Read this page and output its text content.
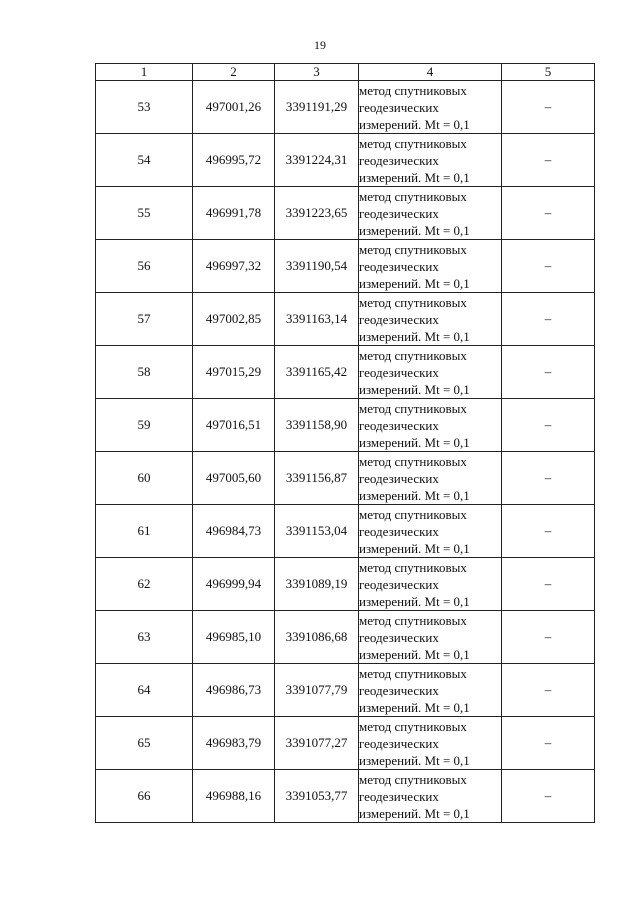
19
1	2	3	4	5
53	497001,26	3391191,29	метод спутниковых
геодезических
измерений. Mt = 0,1	–
54	496995,72	3391224,31	метод спутниковых
геодезических
измерений. Mt = 0,1	–
55	496991,78	3391223,65	метод спутниковых
геодезических
измерений. Mt = 0,1	–
56	496997,32	3391190,54	метод спутниковых
геодезических
измерений. Mt = 0,1	–
57	497002,85	3391163,14	метод спутниковых
геодезических
измерений. Mt = 0,1	–
58	497015,29	3391165,42	метод спутниковых
геодезических
измерений. Mt = 0,1	–
59	497016,51	3391158,90	метод спутниковых
геодезических
измерений. Mt = 0,1	–
60	497005,60	3391156,87	метод спутниковых
геодезических
измерений. Mt = 0,1	–
61	496984,73	3391153,04	метод спутниковых
геодезических
измерений. Mt = 0,1	–
62	496999,94	3391089,19	метод спутниковых
геодезических
измерений. Mt = 0,1	–
63	496985,10	3391086,68	метод спутниковых
геодезических
измерений. Mt = 0,1	–
64	496986,73	3391077,79	метод спутниковых
геодезических
измерений. Mt = 0,1	–
65	496983,79	3391077,27	метод спутниковых
геодезических
измерений. Mt = 0,1	–
66	496988,16	3391053,77	метод спутниковых
геодезических
измерений. Mt = 0,1	–
